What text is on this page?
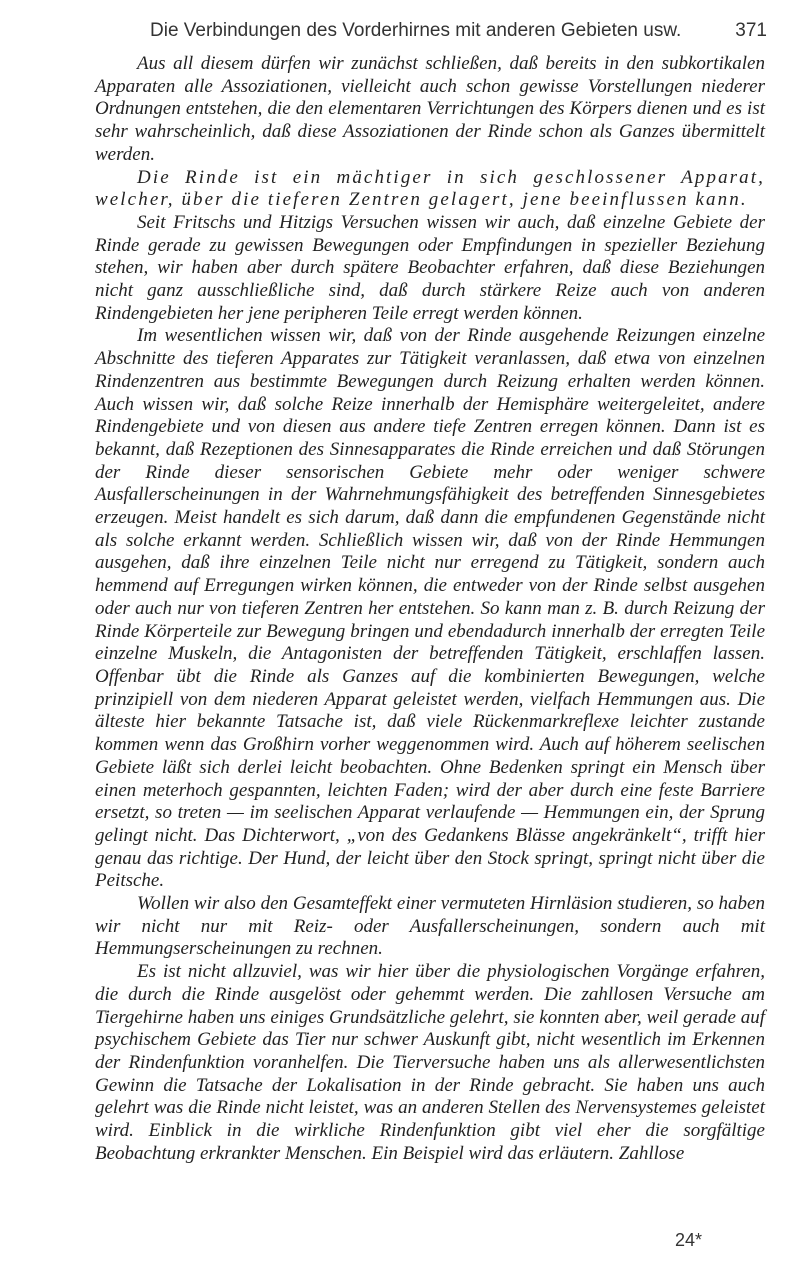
Die Verbindungen des Vorderhirnes mit anderen Gebieten usw.	371

Aus all diesem dürfen wir zunächst schließen, daß bereits in den subkortikalen Apparaten alle Assoziationen, vielleicht auch schon gewisse Vorstellungen niederer Ordnungen entstehen, die den elementaren Verrichtungen des Körpers dienen und es ist sehr wahrscheinlich, daß diese Assoziationen der Rinde schon als Ganzes übermittelt werden.

Die Rinde ist ein mächtiger in sich geschlossener Apparat, welcher, über die tieferen Zentren gelagert, jene beeinflussen kann.

Seit Fritschs und Hitzigs Versuchen wissen wir auch, daß einzelne Gebiete der Rinde gerade zu gewissen Bewegungen oder Empfindungen in spezieller Beziehung stehen, wir haben aber durch spätere Beobachter erfahren, daß diese Beziehungen nicht ganz ausschließliche sind, daß durch stärkere Reize auch von anderen Rindengebieten her jene peripheren Teile erregt werden können.

Im wesentlichen wissen wir, daß von der Rinde ausgehende Reizungen einzelne Abschnitte des tieferen Apparates zur Tätigkeit veranlassen, daß etwa von einzelnen Rindenzentren aus bestimmte Bewegungen durch Reizung erhalten werden können. Auch wissen wir, daß solche Reize innerhalb der Hemisphäre weitergeleitet, andere Rindengebiete und von diesen aus andere tiefe Zentren erregen können. Dann ist es bekannt, daß Rezeptionen des Sinnesapparates die Rinde erreichen und daß Störungen der Rinde dieser sensorischen Gebiete mehr oder weniger schwere Ausfallerscheinungen in der Wahrnehmungsfähigkeit des betreffenden Sinnesgebietes erzeugen. Meist handelt es sich darum, daß dann die empfundenen Gegenstände nicht als solche erkannt werden. Schließlich wissen wir, daß von der Rinde Hemmungen ausgehen, daß ihre einzelnen Teile nicht nur erregend zu Tätigkeit, sondern auch hemmend auf Erregungen wirken können, die entweder von der Rinde selbst ausgehen oder auch nur von tieferen Zentren her entstehen. So kann man z. B. durch Reizung der Rinde Körperteile zur Bewegung bringen und ebendadurch innerhalb der erregten Teile einzelne Muskeln, die Antagonisten der betreffenden Tätigkeit, erschlaffen lassen. Offenbar übt die Rinde als Ganzes auf die kombinierten Bewegungen, welche prinzipiell von dem niederen Apparat geleistet werden, vielfach Hemmungen aus. Die älteste hier bekannte Tatsache ist, daß viele Rückenmarkreflexe leichter zustande kommen wenn das Großhirn vorher weggenommen wird. Auch auf höherem seelischen Gebiete läßt sich derlei leicht beobachten. Ohne Bedenken springt ein Mensch über einen meterhoch gespannten, leichten Faden; wird der aber durch eine feste Barriere ersetzt, so treten — im seelischen Apparat verlaufende — Hemmungen ein, der Sprung gelingt nicht. Das Dichterwort, „von des Gedankens Blässe angekränkelt“, trifft hier genau das richtige. Der Hund, der leicht über den Stock springt, springt nicht über die Peitsche.

Wollen wir also den Gesamteffekt einer vermuteten Hirnläsion studieren, so haben wir nicht nur mit Reiz- oder Ausfallerscheinungen, sondern auch mit Hemmungserscheinungen zu rechnen.

Es ist nicht allzuviel, was wir hier über die physiologischen Vorgänge erfahren, die durch die Rinde ausgelöst oder gehemmt werden. Die zahllosen Versuche am Tiergehirne haben uns einiges Grundsätzliche gelehrt, sie konnten aber, weil gerade auf psychischem Gebiete das Tier nur schwer Auskunft gibt, nicht wesentlich im Erkennen der Rindenfunktion voranhelfen. Die Tierversuche haben uns als allerwesentlichsten Gewinn die Tatsache der Lokalisation in der Rinde gebracht. Sie haben uns auch gelehrt was die Rinde nicht leistet, was an anderen Stellen des Nervensystemes geleistet wird. Einblick in die wirkliche Rindenfunktion gibt viel eher die sorgfältige Beobachtung erkrankter Menschen. Ein Beispiel wird das erläutern. Zahllose

24*
